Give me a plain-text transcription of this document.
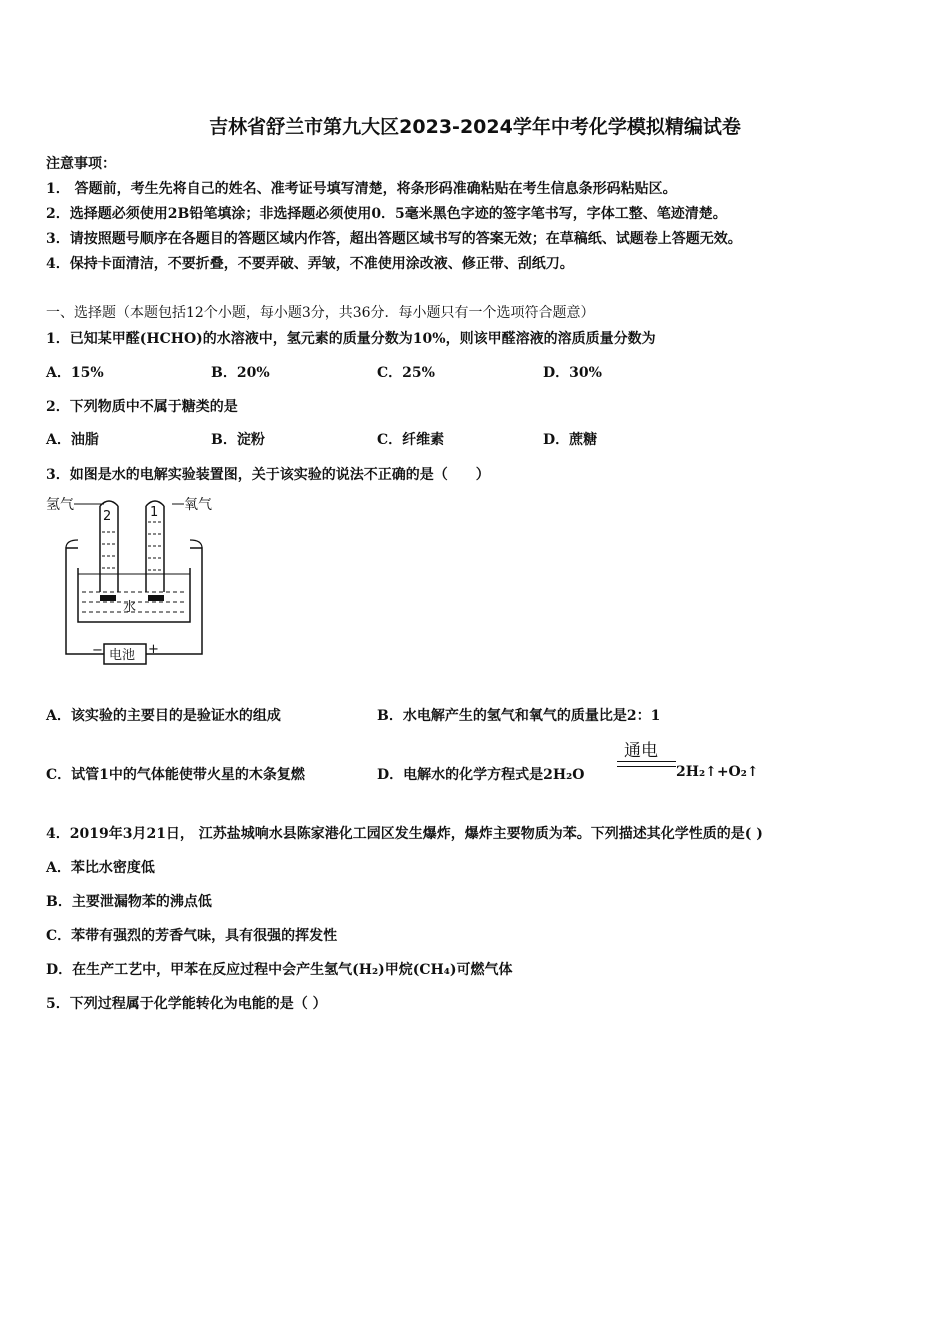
吉林省舒兰市第九大区2023-2024学年中考化学模拟精编试卷
注意事项：
1． 答题前，考生先将自己的姓名、准考证号填写清楚，将条形码准确粘贴在考生信息条形码粘贴区。
2．选择题必须使用2B铅笔填涂；非选择题必须使用0．5毫米黑色字迹的签字笔书写，字体工整、笔迹清楚。
3．请按照题号顺序在各题目的答题区域内作答，超出答题区域书写的答案无效；在草稿纸、试题卷上答题无效。
4．保持卡面清洁，不要折叠，不要弄破、弄皱，不准使用涂改液、修正带、刮纸刀。
一、选择题（本题包括12个小题，每小题3分，共36分．每小题只有一个选项符合题意）
1．已知某甲醛(HCHO)的水溶液中，氢元素的质量分数为10%，则该甲醛溶液的溶质质量分数为
A．15%	B．20%	C．25%	D．30%
2．下列物质中不属于糖类的是
A．油脂	B．淀粉	C．纤维素	D．蔗糖
3．如图是水的电解实验装置图，关于该实验的说法不正确的是（　　）
氢气	氧气
2	1
水
电池
−	+
A．该实验的主要目的是验证水的组成	B．水电解产生的氢气和氧气的质量比是2：1
C．试管1中的气体能使带火星的木条复燃	D．电解水的化学方程式是2H₂O
通电
2H₂↑+O₂↑
4．2019年3月21日， 江苏盐城响水县陈家港化工园区发生爆炸，爆炸主要物质为苯。下列描述其化学性质的是( )
A．苯比水密度低
B．主要泄漏物苯的沸点低
C．苯带有强烈的芳香气味，具有很强的挥发性
D．在生产工艺中，甲苯在反应过程中会产生氢气(H₂)甲烷(CH₄)可燃气体
5．下列过程属于化学能转化为电能的是（ ）
